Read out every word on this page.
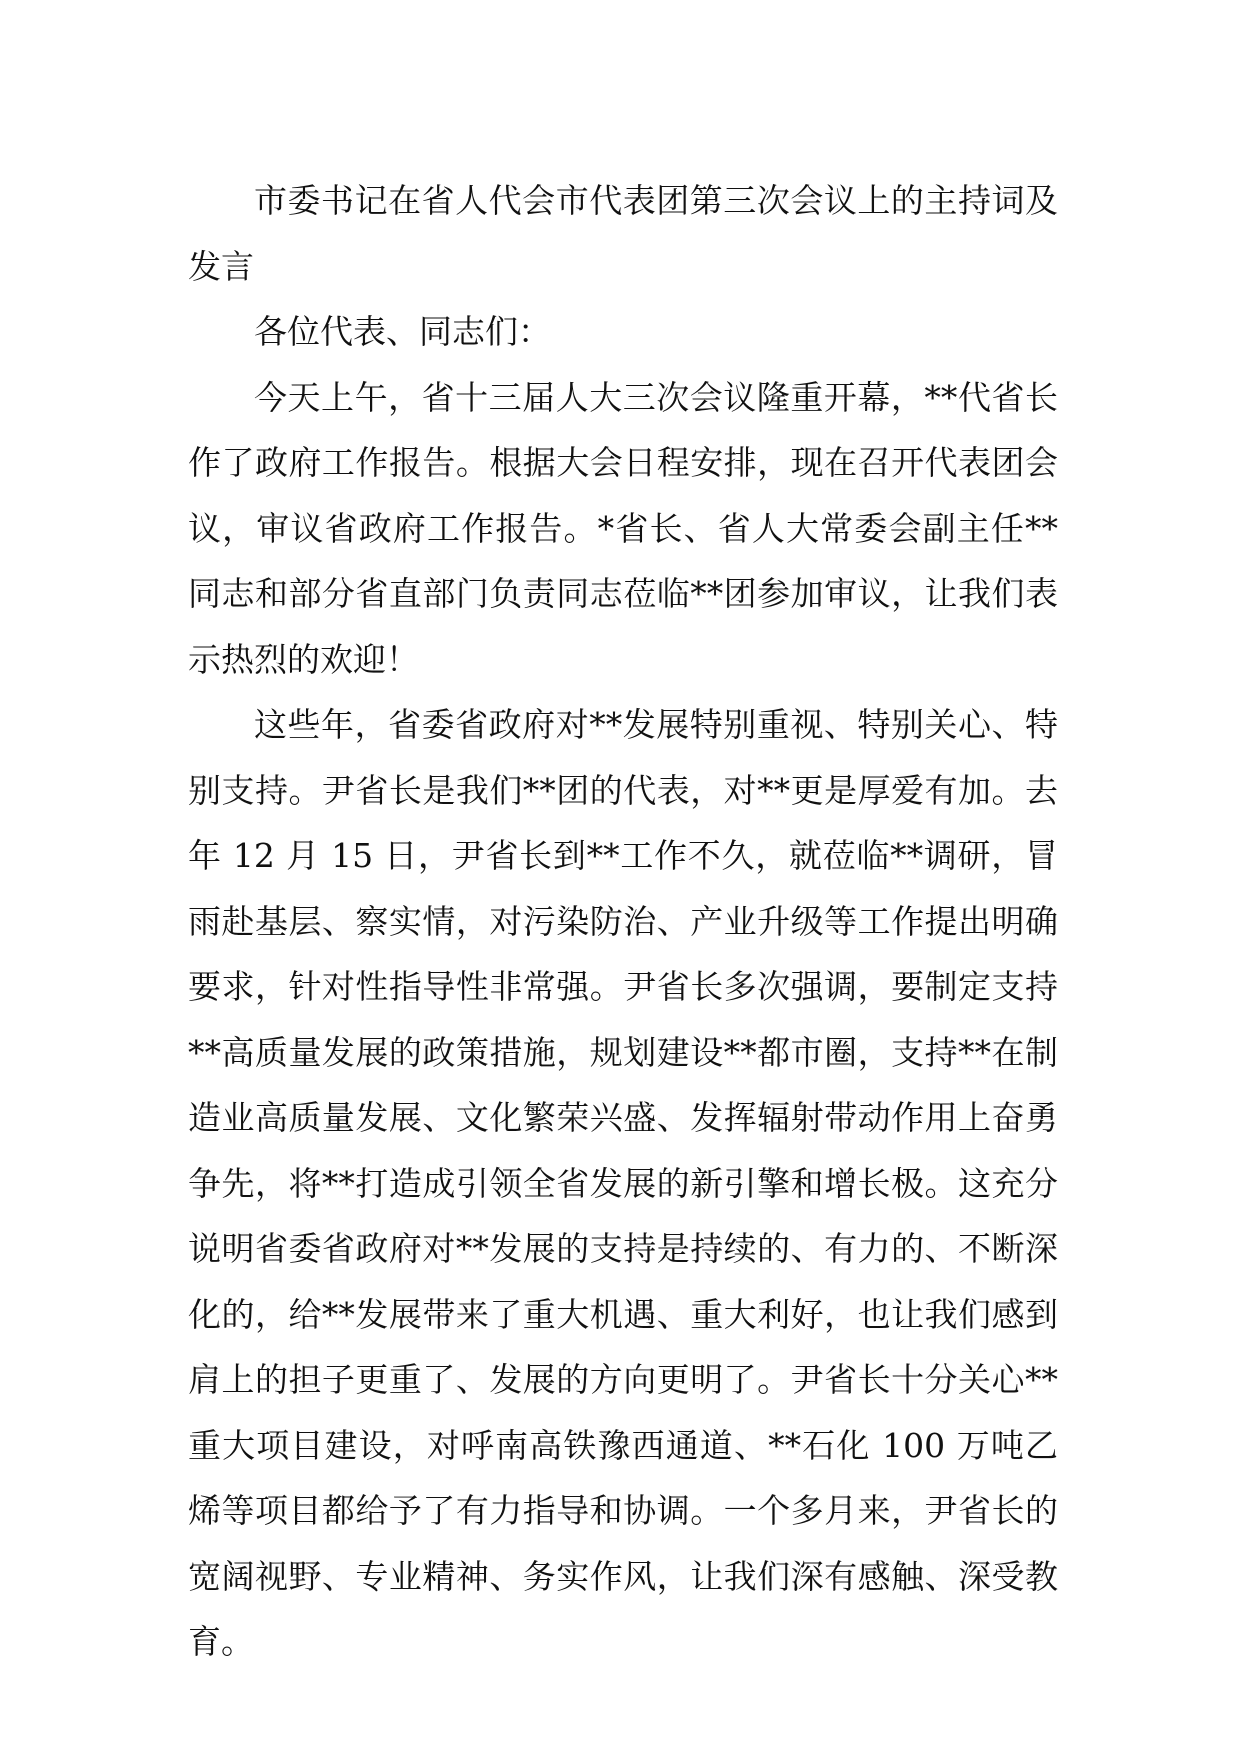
市委书记在省人代会市代表团第三次会议上的主持词及发言

各位代表、同志们：

今天上午，省十三届人大三次会议隆重开幕，**代省长作了政府工作报告。根据大会日程安排，现在召开代表团会议，审议省政府工作报告。*省长、省人大常委会副主任**同志和部分省直部门负责同志莅临**团参加审议，让我们表示热烈的欢迎！

这些年，省委省政府对**发展特别重视、特别关心、特别支持。尹省长是我们**团的代表，对**更是厚爱有加。去年 12 月 15 日，尹省长到**工作不久，就莅临**调研，冒雨赴基层、察实情，对污染防治、产业升级等工作提出明确要求，针对性指导性非常强。尹省长多次强调，要制定支持**高质量发展的政策措施，规划建设**都市圈，支持**在制造业高质量发展、文化繁荣兴盛、发挥辐射带动作用上奋勇争先，将**打造成引领全省发展的新引擎和增长极。这充分说明省委省政府对**发展的支持是持续的、有力的、不断深化的，给**发展带来了重大机遇、重大利好，也让我们感到肩上的担子更重了、发展的方向更明了。尹省长十分关心**重大项目建设，对呼南高铁豫西通道、**石化 100 万吨乙烯等项目都给予了有力指导和协调。一个多月来，尹省长的宽阔视野、专业精神、务实作风，让我们深有感触、深受教育。
